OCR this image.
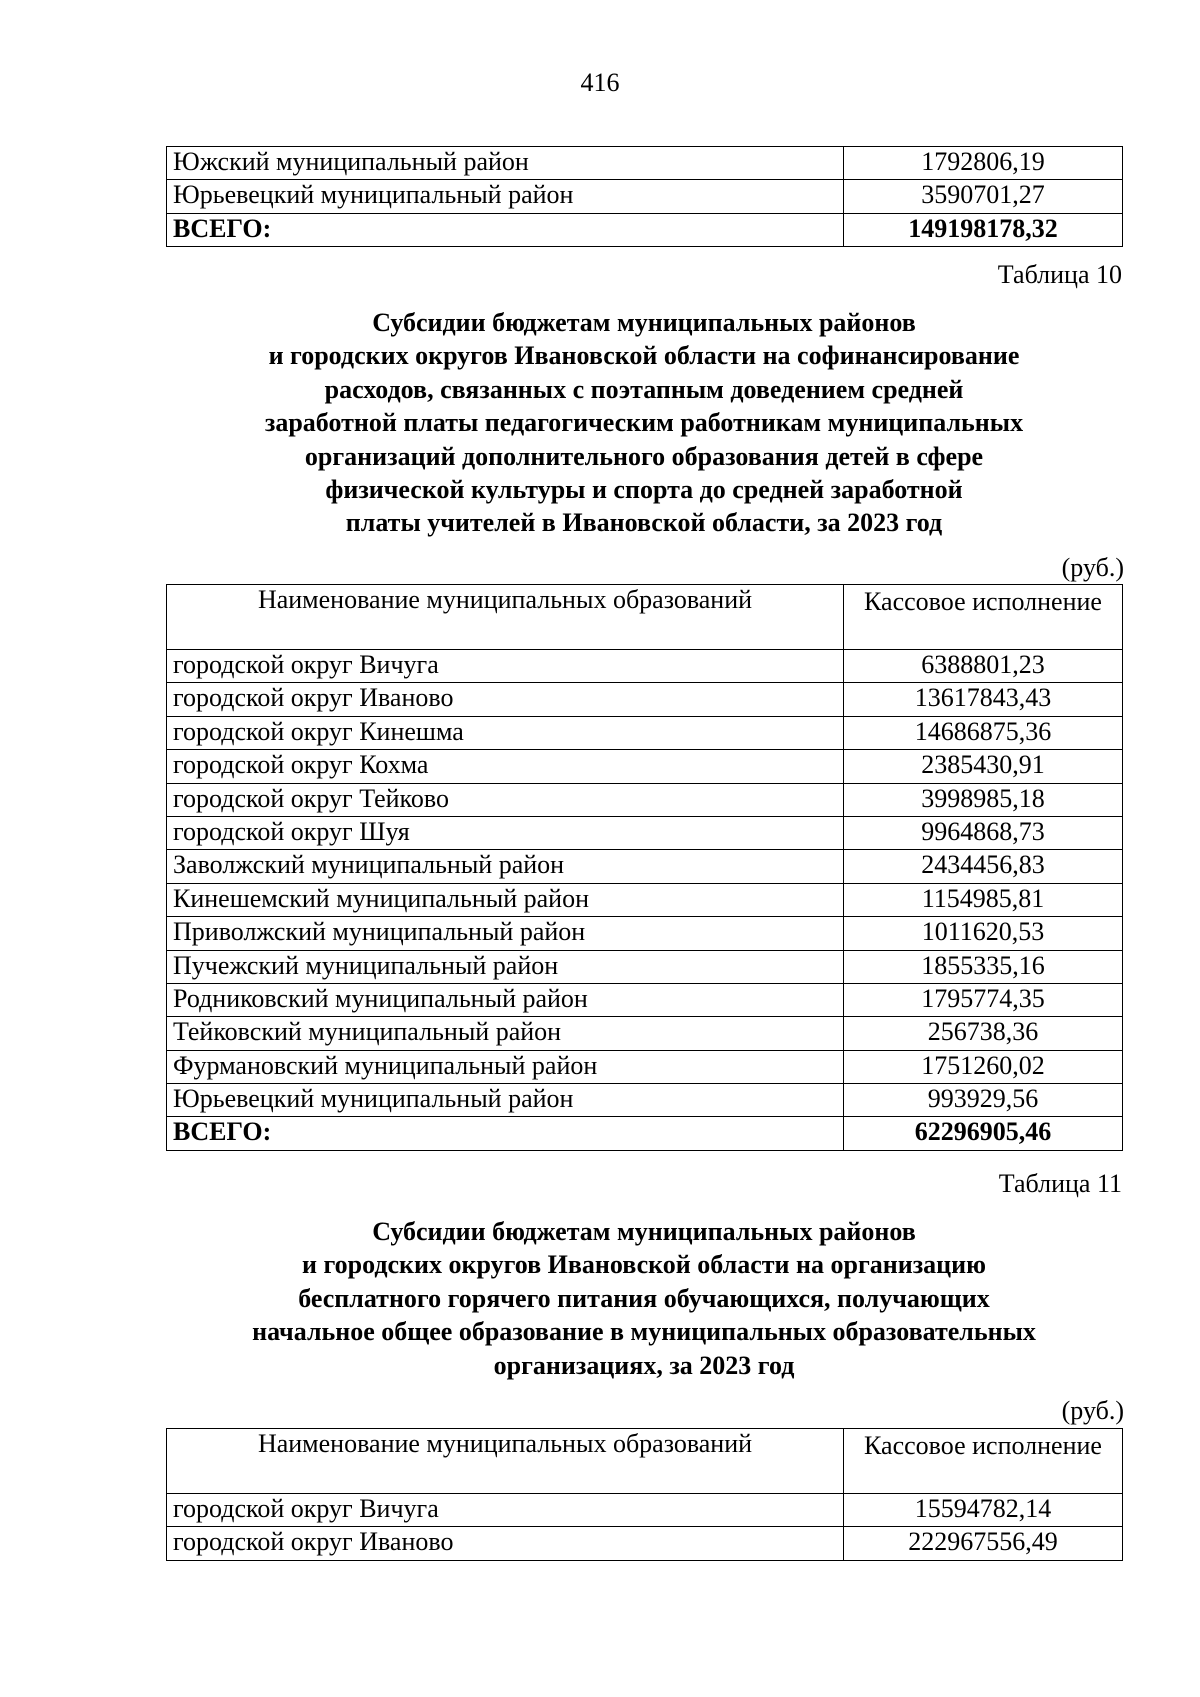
416
Южский муниципальный район	1792806,19
Юрьевецкий муниципальный район	3590701,27
ВСЕГО:	149198178,32
Таблица 10
Субсидии бюджетам муниципальных районов
и городских округов Ивановской области на софинансирование
расходов, связанных с поэтапным доведением средней
заработной платы педагогическим работникам муниципальных
организаций дополнительного образования детей в сфере
физической культуры и спорта до средней заработной
платы учителей в Ивановской области, за 2023 год
(руб.)
Наименование муниципальных образований	Кассовое исполнение
городской округ Вичуга	6388801,23
городской округ Иваново	13617843,43
городской округ Кинешма	14686875,36
городской округ Кохма	2385430,91
городской округ Тейково	3998985,18
городской округ Шуя	9964868,73
Заволжский муниципальный район	2434456,83
Кинешемский муниципальный район	1154985,81
Приволжский муниципальный район	1011620,53
Пучежский муниципальный район	1855335,16
Родниковский муниципальный район	1795774,35
Тейковский муниципальный район	256738,36
Фурмановский муниципальный район	1751260,02
Юрьевецкий муниципальный район	993929,56
ВСЕГО:	62296905,46
Таблица 11
Субсидии бюджетам муниципальных районов
и городских округов Ивановской области на организацию
бесплатного горячего питания обучающихся, получающих
начальное общее образование в муниципальных образовательных
организациях, за 2023 год
(руб.)
Наименование муниципальных образований	Кассовое исполнение
городской округ Вичуга	15594782,14
городской округ Иваново	222967556,49
